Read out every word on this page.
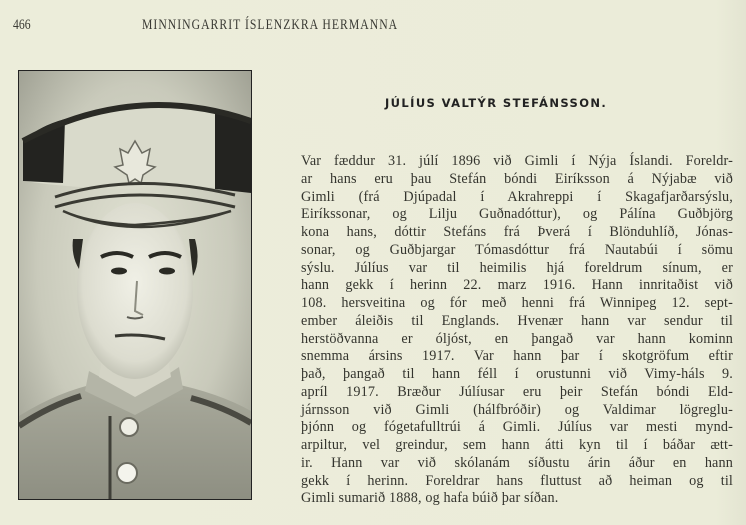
466	MINNINGARRIT ÍSLENZKRA HERMANNA
JÚLÍUS VALTÝR STEFÁNSSON.
Var fæddur 31. júlí 1896 við Gimli í Nýja Íslandi. Foreldr-
ar hans eru þau Stefán bóndi Eiríksson á Nýjabæ við
Gimli (frá Djúpadal í Akrahreppi í Skagafjarðarsýslu,
Eiríkssonar, og Lilju Guðnadóttur), og Pálína Guðbjörg
kona hans, dóttir Stefáns frá Þverá í Blönduhlíð, Jónas-
sonar, og Guðbjargar Tómasdóttur frá Nautabúi í sömu
sýslu. Júlíus var til heimilis hjá foreldrum sínum, er
hann gekk í herinn 22. marz 1916. Hann innritaðist við
108. hersveitina og fór með henni frá Winnipeg 12. sept-
ember áleiðis til Englands. Hvenær hann var sendur til
herstöðvanna er óljóst, en þangað var hann kominn
snemma ársins 1917. Var hann þar í skotgröfum eftir
það, þangað til hann féll í orustunni við Vimy-háls 9.
apríl 1917. Bræður Júlíusar eru þeir Stefán bóndi Eld-
járnsson við Gimli (hálfbróðir) og Valdimar lögreglu-
þjónn og fógetafulltrúi á Gimli. Júlíus var mesti mynd-
arpiltur, vel greindur, sem hann átti kyn til í báðar ætt-
ir. Hann var við skólanám síðustu árin áður en hann
gekk í herinn. Foreldrar hans fluttust að heiman og til
Gimli sumarið 1888, og hafa búið þar síðan.
